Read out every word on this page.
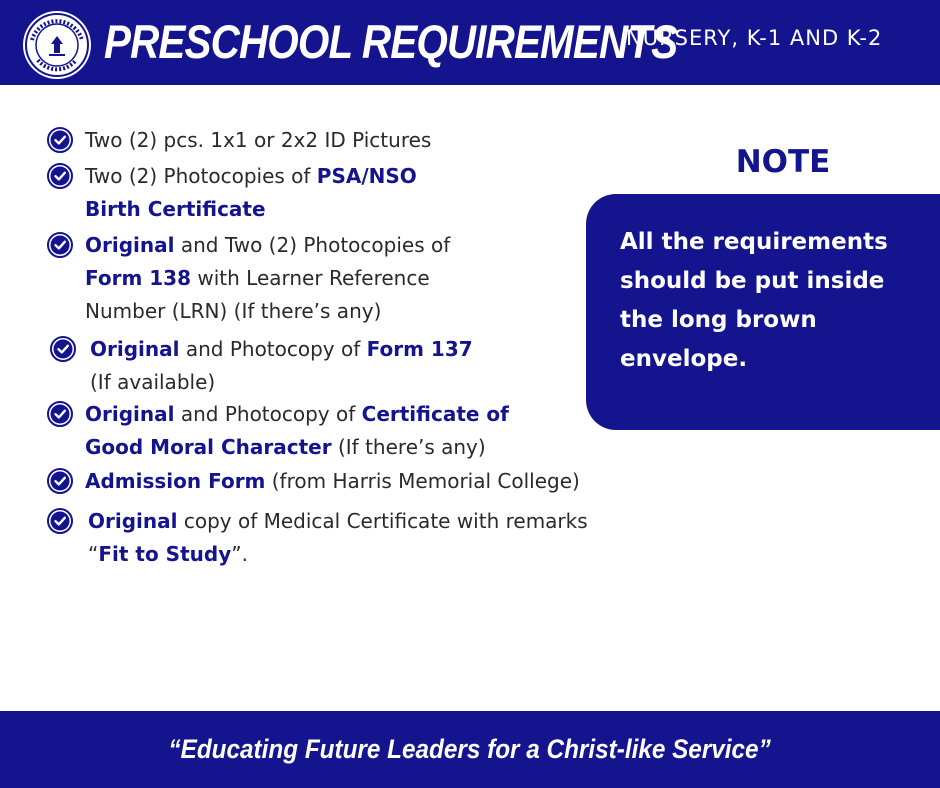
PRESCHOOL REQUIREMENTS
NURSERY, K-1 AND K-2
Two (2) pcs. 1x1 or 2x2 ID Pictures
Two (2) Photocopies of PSA/NSO
Birth Certificate
Original and Two (2) Photocopies of
Form 138 with Learner Reference
Number (LRN) (If there’s any)
Original and Photocopy of Form 137
(If available)
Original and Photocopy of Certificate of
Good Moral Character (If there’s any)
Admission Form (from Harris Memorial College)
Original copy of Medical Certificate with remarks
“Fit to Study”.
NOTE
All the requirements should be put inside the long brown envelope.
“Educating Future Leaders for a Christ-like Service”
